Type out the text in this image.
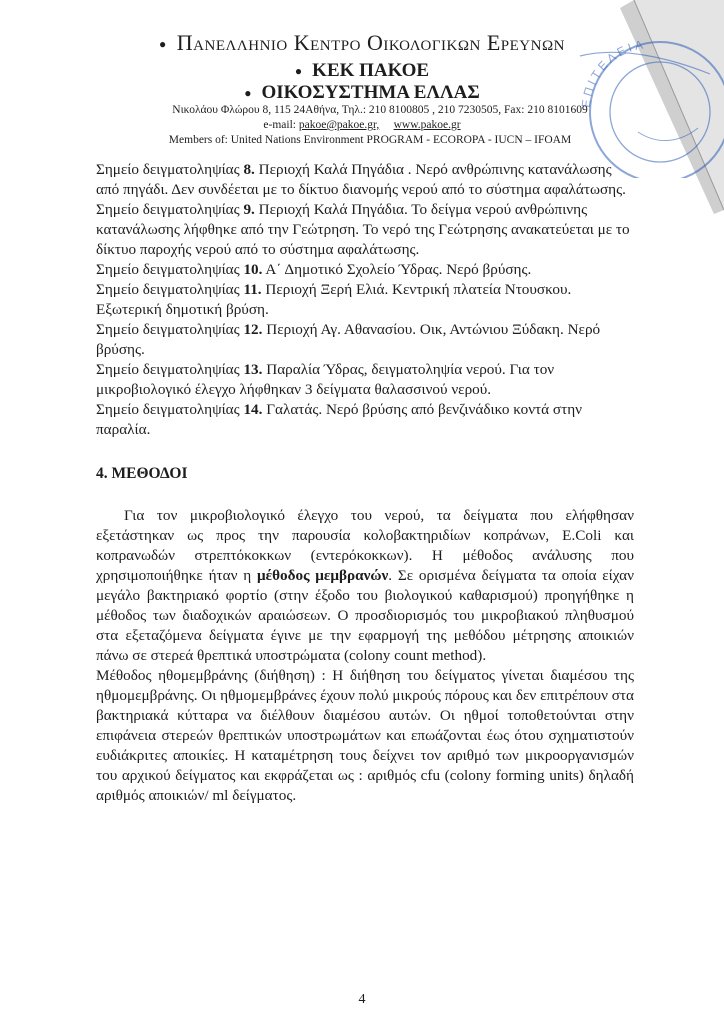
ΕΠΙΤΕΛΕΙΑ
● Πανελληνιο Κεντρο Οικολογικων Ερευνων
● ΚΕΚ ΠΑΚΟΕ
● ΟΙΚΟΣΥΣΤΗΜΑ ΕΛΛΑΣ
Νικολάου Φλώρου 8, 115 24Αθήνα, Τηλ.: 210 8100805 , 210 7230505, Fax: 210 8101609
e-mail: pakoe@pakoe.gr, www.pakoe.gr
Members of: United Nations Environment PROGRAM - ECOROPA - IUCN – IFOAM

Σημείο δειγματοληψίας 8. Περιοχή Καλά Πηγάδια . Νερό ανθρώπινης κατανάλωσης από πηγάδι. Δεν συνδέεται με το δίκτυο διανομής νερού από το σύστημα αφαλάτωσης.

Σημείο δειγματοληψίας 9. Περιοχή Καλά Πηγάδια. Το δείγμα νερού ανθρώπινης κατανάλωσης λήφθηκε από την Γεώτρηση. Το νερό της Γεώτρησης ανακατεύεται με το δίκτυο παροχής νερού από το σύστημα αφαλάτωσης.

Σημείο δειγματοληψίας 10. Α΄ Δημοτικό Σχολείο Ύδρας. Νερό βρύσης.

Σημείο δειγματοληψίας 11. Περιοχή Ξερή Ελιά. Κεντρική πλατεία Ντουσκου. Εξωτερική δημοτική βρύση.

Σημείο δειγματοληψίας 12. Περιοχή Αγ. Αθανασίου. Οικ, Αντώνιου Ξύδακη. Νερό βρύσης.

Σημείο δειγματοληψίας 13. Παραλία Ύδρας, δειγματοληψία νερού. Για τον μικροβιολογικό έλεγχο λήφθηκαν 3 δείγματα θαλασσινού νερού.

Σημείο δειγματοληψίας 14. Γαλατάς. Νερό βρύσης από βενζινάδικο κοντά στην παραλία.

4. ΜΕΘΟΔΟΙ

Για τον μικροβιολογικό έλεγχο του νερού, τα δείγματα που ελήφθησαν εξετάστηκαν ως προς την παρουσία κολοβακτηριδίων κοπράνων, E.Coli και κοπρανωδών στρεπτόκοκκων (εντερόκοκκων). Η μέθοδος ανάλυσης που χρησιμοποιήθηκε ήταν η μέθοδος μεμβρανών. Σε ορισμένα δείγματα τα οποία είχαν μεγάλο βακτηριακό φορτίο (στην έξοδο του βιολογικού καθαρισμού) προηγήθηκε η μέθοδος των διαδοχικών αραιώσεων. Ο προσδιορισμός του μικροβιακού πληθυσμού στα εξεταζόμενα δείγματα έγινε με την εφαρμογή της μεθόδου μέτρησης αποικιών πάνω σε στερεά θρεπτικά υποστρώματα (colony count method).

Μέθοδος ηθομεμβράνης (διήθηση) : Η διήθηση του δείγματος γίνεται διαμέσου της ηθμομεμβράνης. Οι ηθμομεμβράνες έχουν πολύ μικρούς πόρους και δεν επιτρέπουν στα βακτηριακά κύτταρα να διέλθουν διαμέσου αυτών. Οι ηθμοί τοποθετούνται στην επιφάνεια στερεών θρεπτικών υποστρωμάτων και επωάζονται έως ότου σχηματιστούν ευδιάκριτες αποικίες. Η καταμέτρηση τους δείχνει τον αριθμό των μικροοργανισμών του αρχικού δείγματος και εκφράζεται ως : αριθμός cfu (colony forming units) δηλαδή αριθμός αποικιών/ ml δείγματος.

4
